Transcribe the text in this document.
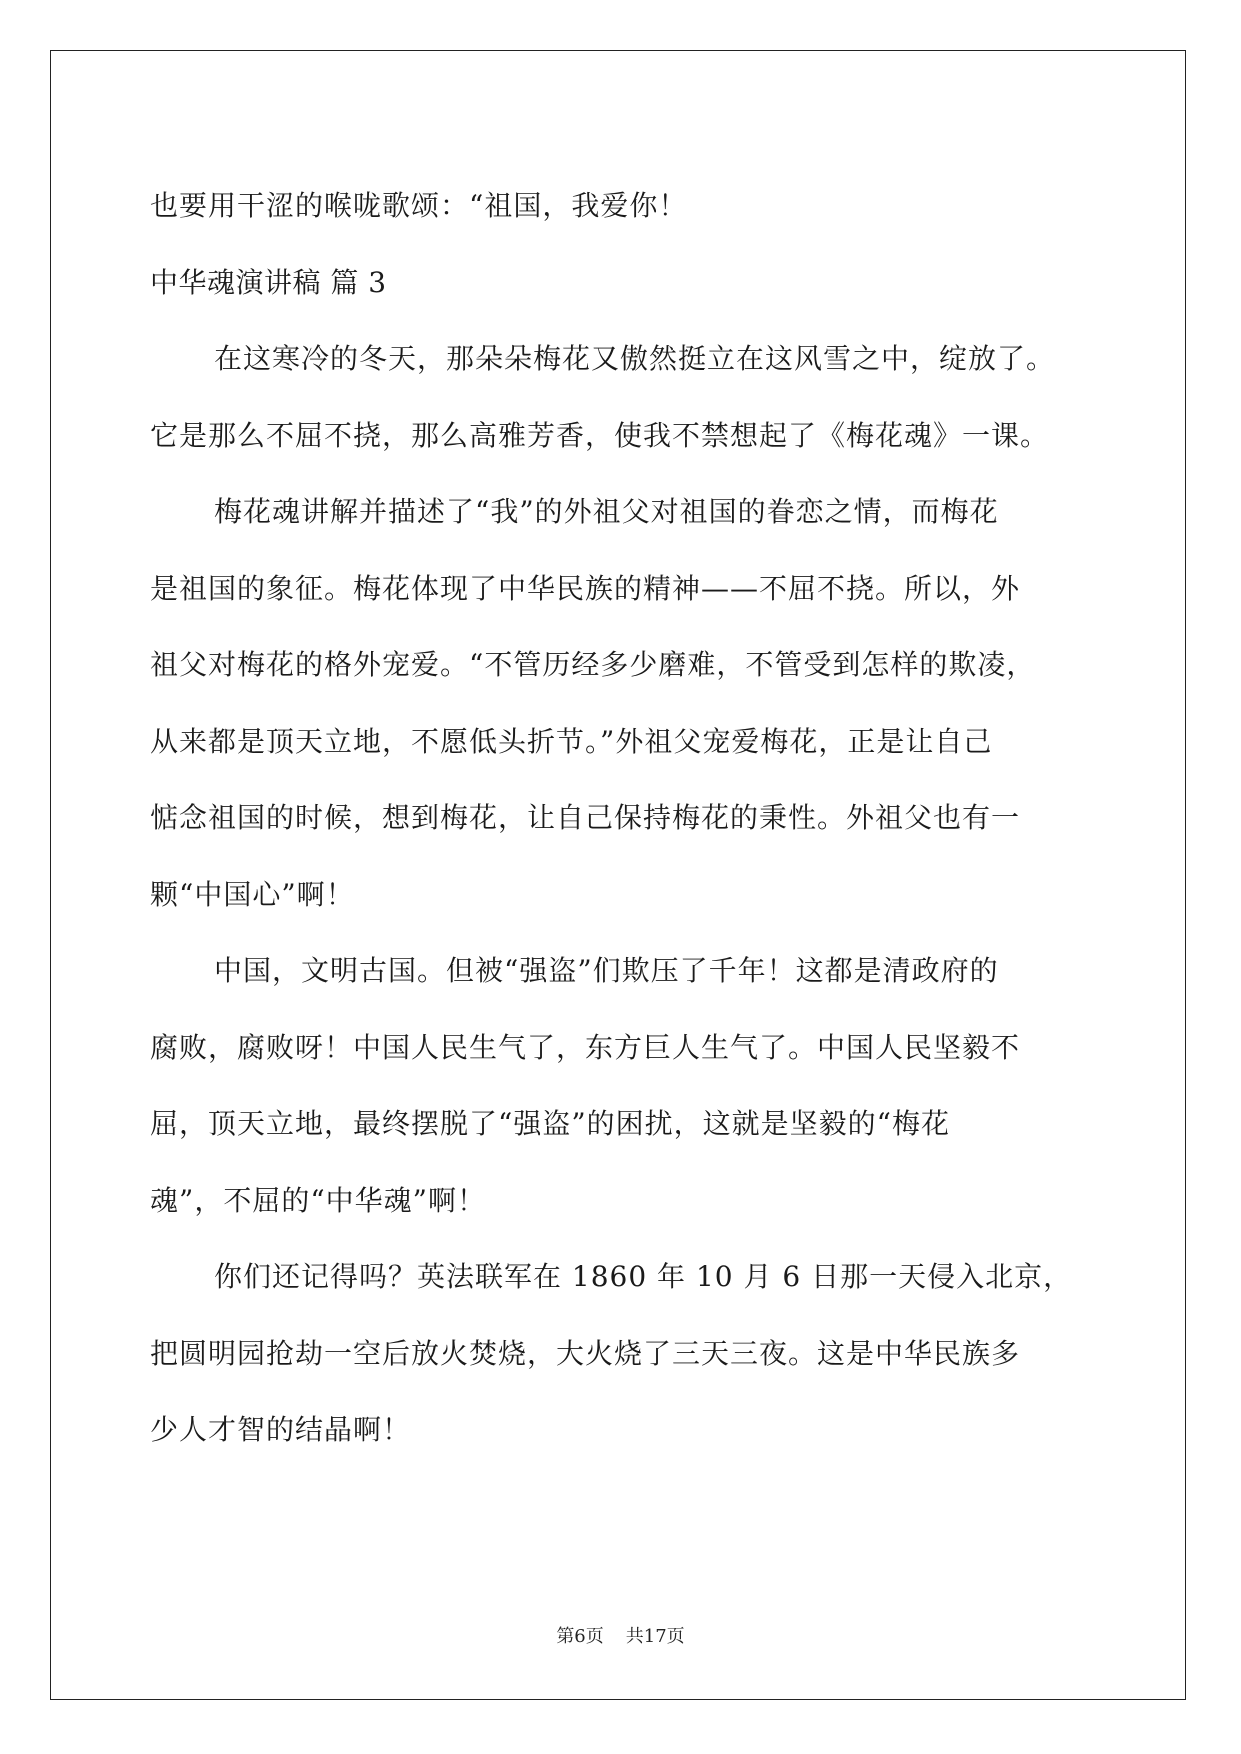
也要用干涩的喉咙歌颂：“祖国，我爱你！
中华魂演讲稿 篇 3
在这寒冷的冬天，那朵朵梅花又傲然挺立在这风雪之中，绽放了。
它是那么不屈不挠，那么高雅芳香，使我不禁想起了《梅花魂》一课。
梅花魂讲解并描述了“我”的外祖父对祖国的眷恋之情，而梅花
是祖国的象征。梅花体现了中华民族的精神——不屈不挠。所以，外
祖父对梅花的格外宠爱。“不管历经多少磨难，不管受到怎样的欺凌，
从来都是顶天立地，不愿低头折节。”外祖父宠爱梅花，正是让自己
惦念祖国的时候，想到梅花，让自己保持梅花的秉性。外祖父也有一
颗“中国心”啊！
中国，文明古国。但被“强盗”们欺压了千年！这都是清政府的
腐败，腐败呀！中国人民生气了，东方巨人生气了。中国人民坚毅不
屈，顶天立地，最终摆脱了“强盗”的困扰，这就是坚毅的“梅花
魂”，不屈的“中华魂”啊！
你们还记得吗？英法联军在 1860 年 10 月 6 日那一天侵入北京，
把圆明园抢劫一空后放火焚烧，大火烧了三天三夜。这是中华民族多
少人才智的结晶啊！
第6页 共17页
